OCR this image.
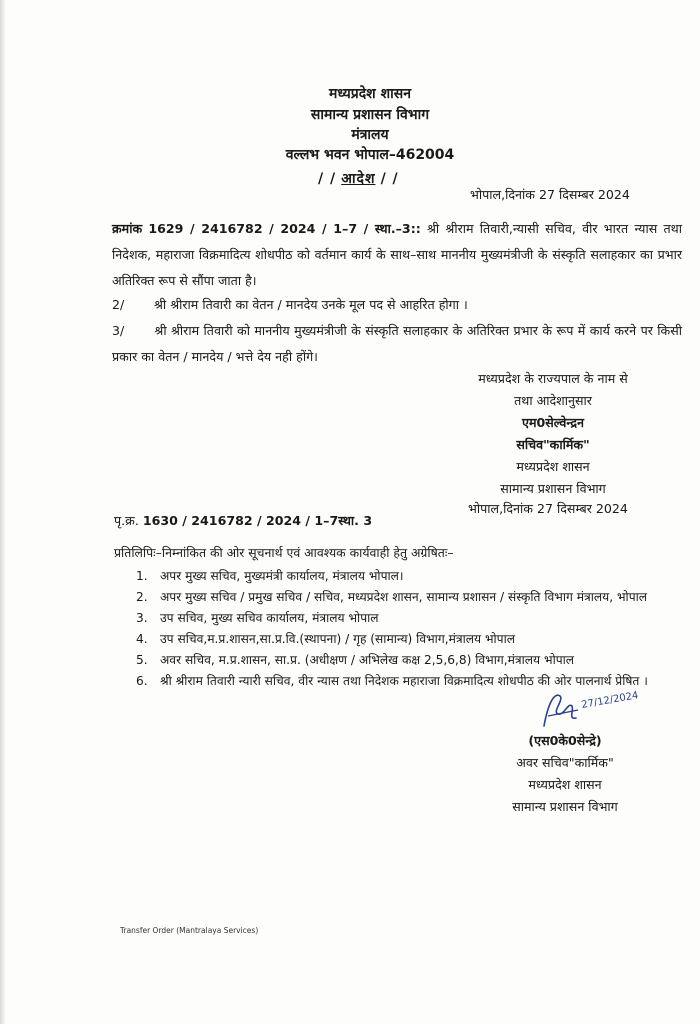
मध्यप्रदेश शासन
सामान्य प्रशासन विभाग
मंत्रालय
वल्लभ भवन भोपाल–462004
/ / आदेश / /
भोपाल,दिनांक 27 दिसम्बर 2024
क्रमांक 1629 / 2416782 / 2024 / 1–7 / स्था.–3:: श्री श्रीराम तिवारी,न्यासी सचिव, वीर भारत न्यास तथा निदेशक, महाराजा विक्रमादित्य शोधपीठ को वर्तमान कार्य के साथ–साथ माननीय मुख्यमंत्रीजी के संस्कृति सलाहकार का प्रभार अतिरिक्त रूप से सौंपा जाता है।
2/ श्री श्रीराम तिवारी का वेतन / मानदेय उनके मूल पद से आहरित होगा ।
3/ श्री श्रीराम तिवारी को माननीय मुख्यमंत्रीजी के संस्कृति सलाहकार के अतिरिक्त प्रभार के रूप में कार्य करने पर किसी प्रकार का वेतन / मानदेय / भत्ते देय नही होंगे।
मध्यप्रदेश के राज्यपाल के नाम से
तथा आदेशानुसार
एम0सेल्वेन्द्रन
सचिव"कार्मिक"
मध्यप्रदेश शासन
सामान्य प्रशासन विभाग
भोपाल,दिनांक 27 दिसम्बर 2024
पृ.क्र. 1630 / 2416782 / 2024 / 1–7स्था. 3
प्रतिलिपिः–निम्नांकित की ओर सूचनार्थ एवं आवश्यक कार्यवाही हेतु अग्रेषितः–
1.	अपर मुख्य सचिव, मुख्यमंत्री कार्यालय, मंत्रालय भोपाल।
2.	अपर मुख्य सचिव / प्रमुख सचिव / सचिव, मध्यप्रदेश शासन, सामान्य प्रशासन / संस्कृति विभाग मंत्रालय, भोपाल
3.	उप सचिव, मुख्य सचिव कार्यालय, मंत्रालय भोपाल
4.	उप सचिव,म.प्र.शासन,सा.प्र.वि.(स्थापना) / गृह (सामान्य) विभाग,मंत्रालय भोपाल
5.	अवर सचिव, म.प्र.शासन, सा.प्र. (अधीक्षण / अभिलेख कक्ष 2,5,6,8) विभाग,मंत्रालय भोपाल
6.	श्री श्रीराम तिवारी न्यारी सचिव, वीर न्यास तथा निदेशक महाराजा विक्रमादित्य शोधपीठ की ओर पालनार्थ प्रेषित ।
27/12/2024
(एस0के0सेन्द्रे)
अवर सचिव"कार्मिक"
मध्यप्रदेश शासन
सामान्य प्रशासन विभाग
Transfer Order (Mantralaya Services)
